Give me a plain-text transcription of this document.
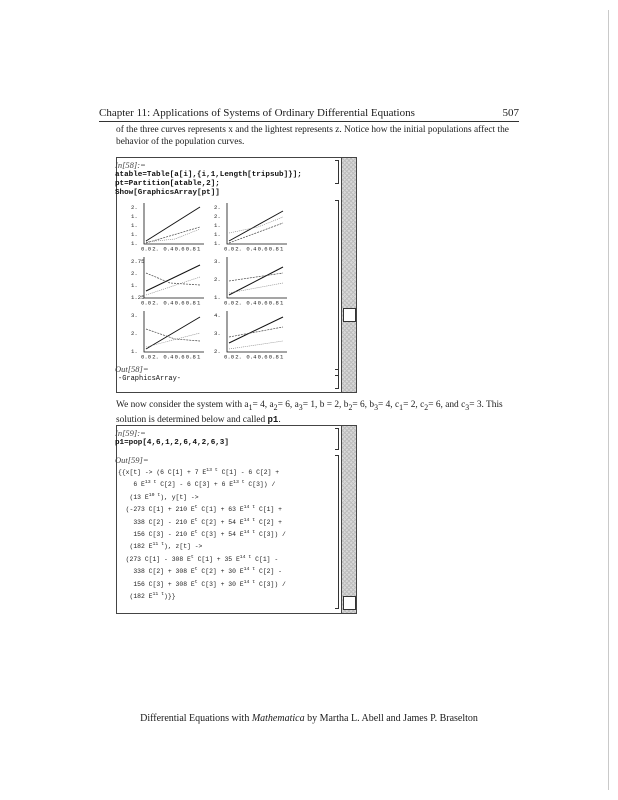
Chapter 11: Applications of Systems of Ordinary Differential Equations	507

of the three curves represents x and the lightest represents z. Notice how the initial populations affect the
behavior of the population curves.

In[58]:=
atable=Table[a[i],{i,1,Length[tripsub]}];
pt=Partition[atable,2];
Show[GraphicsArray[pt]]
2.
1.
1.
1.
1.
0.0 2. 0.4 0.6 0.8 1
2.
2.
1.
1.
1.
0.0 2. 0.4 0.6 0.8 1
2.75
2.
1.
1.25
0.0 2. 0.4 0.6 0.8 1
3.
2.
1.
0.0 2. 0.4 0.6 0.8 1
3.
2.
1.
0.0 2. 0.4 0.6 0.8 1
4.
3.
2.
0.0 2. 0.4 0.6 0.8 1
Out[58]=
-GraphicsArray-

We now consider the system with $a_1= 4$, $a_2= 6$, $a_3= 1$, b = 2, $b_2= 6$, $b_3= 4$, $c_1= 2$, $c_2= 6$, and $c_3= 3$. This
solution is determined below and called p1.

In[59]:=
p1=pop[4,6,1,2,6,4,2,6,3]
Out[59]=
{{x[t] -> (6 C[1] + 7 $E^{13 t}$ C[1] - 6 C[2] +
6 $E^{13 t}$ C[2] - 6 C[3] + 6 $E^{13 t}$ C[3]) /
(13 $E^{10 t}$), y[t] ->
(-273 C[1] + 210 $E^t$ C[1] + 63 $E^{14 t}$ C[1] +
338 C[2] - 210 $E^t$ C[2] + 54 $E^{14 t}$ C[2] +
156 C[3] - 210 $E^t$ C[3] + 54 $E^{14 t}$ C[3]) /
(182 $E^{11 t}$), z[t] ->
(273 C[1] - 308 $E^t$ C[1] + 35 $E^{14 t}$ C[1] -
338 C[2] + 308 $E^t$ C[2] + 30 $E^{14 t}$ C[2] -
156 C[3] + 308 $E^t$ C[3] + 30 $E^{14 t}$ C[3]) /
(182 $E^{11 t}$)}}
Differential Equations with Mathematica by Martha L. Abell and James P. Braselton
